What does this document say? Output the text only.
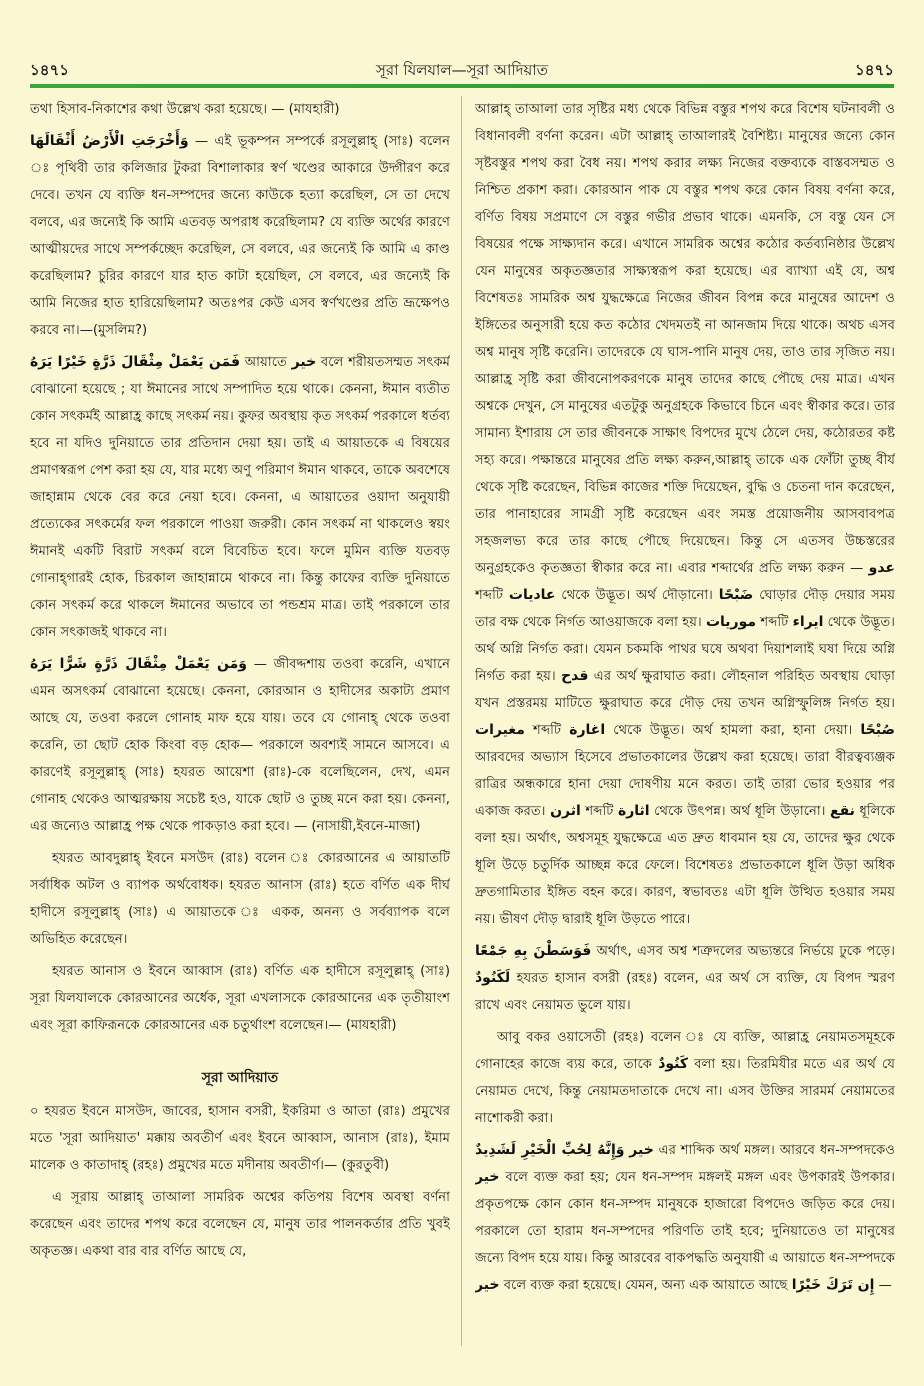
১৪৭১	সূরা যিলযাল—সূরা আদিয়াত	১৪৭১

তথা হিসাব-নিকাশের কথা উল্লেখ করা হয়েছে। — (মাযহারী)

وَأَخْرَجَتِ الْأَرْضُ أَثْقَالَهَا — এই ভূকম্পন সম্পর্কে রসূলুল্লাহ্ (সাঃ) বলেন ঃ পৃথিবী তার কলিজার টুকরা বিশালাকার স্বর্ণ খণ্ডের আকারে উদ্গীরণ করে দেবে। তখন যে ব্যক্তি ধন-সম্পদের জন্যে কাউকে হত্যা করেছিল, সে তা দেখে বলবে, এর জন্যেই কি আমি এতবড় অপরাধ করেছিলাম? যে ব্যক্তি অর্থের কারণে আত্মীয়দের সাথে সম্পর্কচ্ছেদ করেছিল, সে বলবে, এর জন্যেই কি আমি এ কাণ্ড করেছিলাম? চুরির কারণে যার হাত কাটা হয়েছিল, সে বলবে, এর জন্যেই কি আমি নিজের হাত হারিয়েছিলাম? অতঃপর কেউ এসব স্বর্ণখণ্ডের প্রতি ভ্রূক্ষেপও করবে না।—(মুসলিম?)

فَمَن يَعْمَلْ مِثْقَالَ ذَرَّةٍ خَيْرًا يَرَهُ আয়াতে خير বলে শরীয়তসম্মত সৎকর্ম বোঝানো হয়েছে ; যা ঈমানের সাথে সম্পাদিত হয়ে থাকে। কেননা, ঈমান ব্যতীত কোন সৎকর্মই আল্লাহ্র কাছে সৎকর্ম নয়। কুফর অবস্থায় কৃত সৎকর্ম পরকালে ধর্তব্য হবে না যদিও দুনিয়াতে তার প্রতিদান দেয়া হয়। তাই এ আয়াতকে এ বিষয়ের প্রমাণস্বরূপ পেশ করা হয় যে, যার মধ্যে অণু পরিমাণ ঈমান থাকবে, তাকে অবশেষে জাহান্নাম থেকে বের করে নেয়া হবে। কেননা, এ আয়াতের ওয়াদা অনুযায়ী প্রত্যেকের সৎকর্মের ফল পরকালে পাওয়া জরুরী। কোন সৎকর্ম না থাকলেও স্বয়ং ঈমানই একটি বিরাট সৎকর্ম বলে বিবেচিত হবে। ফলে মুমিন ব্যক্তি যতবড় গোনাহ্গারই হোক, চিরকাল জাহান্নামে থাকবে না। কিন্তু কাফের ব্যক্তি দুনিয়াতে কোন সৎকর্ম করে থাকলে ঈমানের অভাবে তা পন্ডশ্রম মাত্র। তাই পরকালে তার কোন সৎকাজই থাকবে না।

وَمَن يَعْمَلْ مِثْقَالَ ذَرَّةٍ شَرًّا يَرَهُ — জীবদ্দশায় তওবা করেনি, এখানে এমন অসৎকর্ম বোঝানো হয়েছে। কেননা, কোরআন ও হাদীসের অকাট্য প্রমাণ আছে যে, তওবা করলে গোনাহ মাফ হয়ে যায়। তবে যে গোনাহ্ থেকে তওবা করেনি, তা ছোট হোক কিংবা বড় হোক— পরকালে অবশ্যই সামনে আসবে। এ কারণেই রসূলুল্লাহ্ (সাঃ) হযরত আয়েশা (রাঃ)-কে বলেছিলেন, দেখ, এমন গোনাহ থেকেও আত্মরক্ষায় সচেষ্ট হও, যাকে ছোট ও তুচ্ছ মনে করা হয়। কেননা, এর জন্যেও আল্লাহ্র পক্ষ থেকে পাকড়াও করা হবে। — (নাসায়ী,ইবনে-মাজা)

হযরত আবদুল্লাহ্ ইবনে মসউদ (রাঃ) বলেন ঃ কোরআনের এ আয়াতটি সর্বাধিক অটল ও ব্যাপক অর্থবোধক। হযরত আনাস (রাঃ) হতে বর্ণিত এক দীর্ঘ হাদীসে রসূলুল্লাহ্ (সাঃ) এ আয়াতকে ঃ একক, অনন্য ও সর্বব্যাপক বলে অভিহিত করেছেন।

হযরত আনাস ও ইবনে আব্বাস (রাঃ) বর্ণিত এক হাদীসে রসূলুল্লাহ্ (সাঃ) সূরা যিলযালকে কোরআনের অর্ধেক, সূরা এখলাসকে কোরআনের এক তৃতীয়াংশ এবং সূরা কাফিরূনকে কোরআনের এক চতুর্থাংশ বলেছেন।— (মাযহারী)

সূরা আদিয়াত

০ হযরত ইবনে মাসউদ, জাবের, হাসান বসরী, ইকরিমা ও আতা (রাঃ) প্রমুখের মতে 'সূরা আদিয়াত' মক্কায় অবতীর্ণ এবং ইবনে আব্বাস, আনাস (রাঃ), ইমাম মালেক ও কাতাদাহ্ (রহঃ) প্রমুখের মতে মদীনায় অবতীর্ণ।— (কুরতুবী)

এ সূরায় আল্লাহ্ তাআলা সামরিক অশ্বের কতিপয় বিশেষ অবস্থা বর্ণনা করেছেন এবং তাদের শপথ করে বলেছেন যে, মানুষ তার পালনকর্তার প্রতি খুবই অকৃতজ্ঞ। একথা বার বার বর্ণিত আছে যে,

আল্লাহ্ তাআলা তার সৃষ্টির মধ্য থেকে বিভিন্ন বস্তুর শপথ করে বিশেষ ঘটনাবলী ও বিধানাবলী বর্ণনা করেন। এটা আল্লাহ্ তাআলারই বৈশিষ্ট্য। মানুষের জন্যে কোন সৃষ্টবস্তুর শপথ করা বৈধ নয়। শপথ করার লক্ষ্য নিজের বক্তব্যকে বাস্তবসম্মত ও নিশ্চিত প্রকাশ করা। কোরআন পাক যে বস্তুর শপথ করে কোন বিষয় বর্ণনা করে, বর্ণিত বিষয় সপ্রমাণে সে বস্তুর গভীর প্রভাব থাকে। এমনকি, সে বস্তু যেন সে বিষয়ের পক্ষে সাক্ষ্যদান করে। এখানে সামরিক অশ্বের কঠোর কর্তব্যনিষ্ঠার উল্লেখ যেন মানুষের অকৃতজ্ঞতার সাক্ষ্যস্বরূপ করা হয়েছে। এর ব্যাখ্যা এই যে, অশ্ব বিশেষতঃ সামরিক অশ্ব যুদ্ধক্ষেত্রে নিজের জীবন বিপন্ন করে মানুষের আদেশ ও ইঙ্গিতের অনুসারী হয়ে কত কঠোর খেদমতই না আনজাম দিয়ে থাকে। অথচ এসব অশ্ব মানুষ সৃষ্টি করেনি। তাদেরকে যে ঘাস-পানি মানুষ দেয়, তাও তার সৃজিত নয়। আল্লাহ্র সৃষ্টি করা জীবনোপকরণকে মানুষ তাদের কাছে পৌছে দেয় মাত্র। এখন অশ্বকে দেখুন, সে মানুষের এতটুকু অনুগ্রহকে কিভাবে চিনে এবং স্বীকার করে। তার সামান্য ইশারায় সে তার জীবনকে সাক্ষাৎ বিপদের মুখে ঠেলে দেয়, কঠোরতর কষ্ট সহ্য করে। পক্ষান্তরে মানুষের প্রতি লক্ষ্য করুন,আল্লাহ্ তাকে এক ফোঁটা তুচ্ছ বীর্য থেকে সৃষ্টি করেছেন, বিভিন্ন কাজের শক্তি দিয়েছেন, বুদ্ধি ও চেতনা দান করেছেন, তার পানাহারের সামগ্রী সৃষ্টি করেছেন এবং সমস্ত প্রয়োজনীয় আসবাবপত্র সহজলভ্য করে তার কাছে পৌছে দিয়েছেন। কিন্তু সে এতসব উচ্চস্তরের অনুগ্রহকেও কৃতজ্ঞতা স্বীকার করে না। এবার শব্দার্থের প্রতি লক্ষ্য করুন — عدو শব্দটি عاديات থেকে উদ্ভূত। অর্থ দৌড়ানো। ضَبْحًا ঘোড়ার দৌড় দেয়ার সময় তার বক্ষ থেকে নির্গত আওয়াজকে বলা হয়। موريات শব্দটি ايراء থেকে উদ্ভূত। অর্থ অগ্নি নির্গত করা। যেমন চকমকি পাথর ঘষে অথবা দিয়াশলাই ঘষা দিয়ে অগ্নি নির্গত করা হয়। قدح এর অর্থ ক্ষুরাঘাত করা। লৌহনাল পরিহিত অবস্থায় ঘোড়া যখন প্রস্তরময় মাটিতে ক্ষুরাঘাত করে দৌড় দেয় তখন অগ্নিস্ফুলিঙ্গ নির্গত হয়। مغيرات শব্দটি اغارة থেকে উদ্ভূত। অর্থ হামলা করা, হানা দেয়া। صُبْحًا আরবদের অভ্যাস হিসেবে প্রভাতকালের উল্লেখ করা হয়েছে। তারা বীরত্বব্যঞ্জক রাত্রির অন্ধকারে হানা দেয়া দোষণীয় মনে করত। তাই তারা ভোর হওয়ার পর একাজ করত। اثرن শব্দটি اثارة থেকে উৎপন্ন। অর্থ ধূলি উড়ানো। نقع ধূলিকে বলা হয়। অর্থাৎ, অশ্বসমূহ যুদ্ধক্ষেত্রে এত দ্রুত ধাবমান হয় যে, তাদের ক্ষুর থেকে ধূলি উড়ে চতুর্দিক আচ্ছন্ন করে ফেলে। বিশেষতঃ প্রভাতকালে ধূলি উড়া অধিক দ্রুতগামিতার ইঙ্গিত বহন করে। কারণ, স্বভাবতঃ এটা ধূলি উত্থিত হওয়ার সময় নয়। ভীষণ দৌড় দ্বারাই ধূলি উড়তে পারে।

فَوَسَطْنَ بِهِ جَمْعًا অর্থাৎ, এসব অশ্ব শত্রুদলের অভ্যন্তরে নির্ভয়ে ঢুকে পড়ে। لَكَنُودٌ হযরত হাসান বসরী (রহঃ) বলেন, এর অর্থ সে ব্যক্তি, যে বিপদ স্মরণ রাখে এবং নেয়ামত ভুলে যায়।

আবু বকর ওয়াসেতী (রহঃ) বলেন ঃ যে ব্যক্তি, আল্লাহ্র নেয়ামতসমূহকে গোনাহের কাজে ব্যয় করে, তাকে كَنُودٌ বলা হয়। তিরমিযীর মতে এর অর্থ যে নেয়ামত দেখে, কিন্তু নেয়ামতদাতাকে দেখে না। এসব উক্তির সারমর্ম নেয়ামতের নাশোকরী করা।

وَإِنَّهُ لِحُبِّ الْخَيْرِ لَشَدِيدٌ خير এর শাব্দিক অর্থ মঙ্গল। আরবে ধন-সম্পদকেও خير বলে ব্যক্ত করা হয়; যেন ধন-সম্পদ মঙ্গলই মঙ্গল এবং উপকারই উপকার। প্রকৃতপক্ষে কোন কোন ধন-সম্পদ মানুষকে হাজারো বিপদেও জড়িত করে দেয়। পরকালে তো হারাম ধন-সম্পদের পরিণতি তাই হবে; দুনিয়াতেও তা মানুষের জন্যে বিপদ হয়ে যায়। কিন্তু আরবের বাকপদ্ধতি অনুযায়ী এ আয়াতে ধন-সম্পদকে خير বলে ব্যক্ত করা হয়েছে। যেমন, অন্য এক আয়াতে আছে إِن تَرَكَ خَيْرًا —
